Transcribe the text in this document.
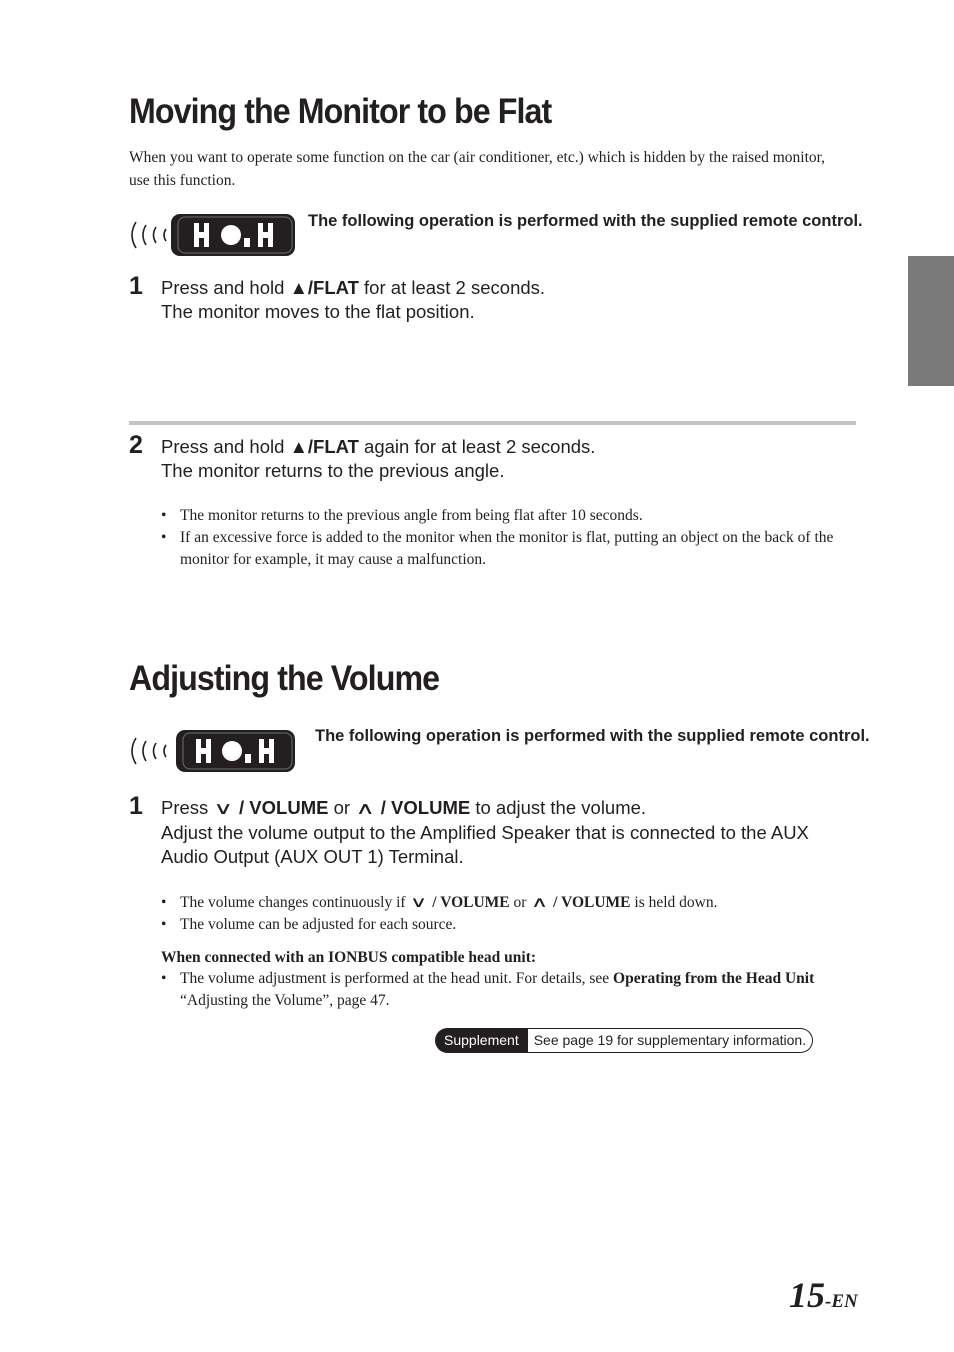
Moving the Monitor to be Flat

When you want to operate some function on the car (air conditioner, etc.) which is hidden by the raised monitor, use this function.

The following operation is performed with the supplied remote control.

1 Press and hold ▲/FLAT for at least 2 seconds.
The monitor moves to the flat position.

2 Press and hold ▲/FLAT again for at least 2 seconds.
The monitor returns to the previous angle.

• The monitor returns to the previous angle from being flat after 10 seconds.
• If an excessive force is added to the monitor when the monitor is flat, putting an object on the back of the monitor for example, it may cause a malfunction.
Adjusting the Volume

The following operation is performed with the supplied remote control.

1 Press ∨ / VOLUME or ∧ / VOLUME to adjust the volume.
Adjust the volume output to the Amplified Speaker that is connected to the AUX Audio Output (AUX OUT 1) Terminal.

• The volume changes continuously if ∨ / VOLUME or ∧ / VOLUME is held down.
• The volume can be adjusted for each source.

When connected with an IONBUS compatible head unit:

• The volume adjustment is performed at the head unit. For details, see Operating from the Head Unit “Adjusting the Volume”, page 47.
Supplement	See page 19 for supplementary information.
15-EN
